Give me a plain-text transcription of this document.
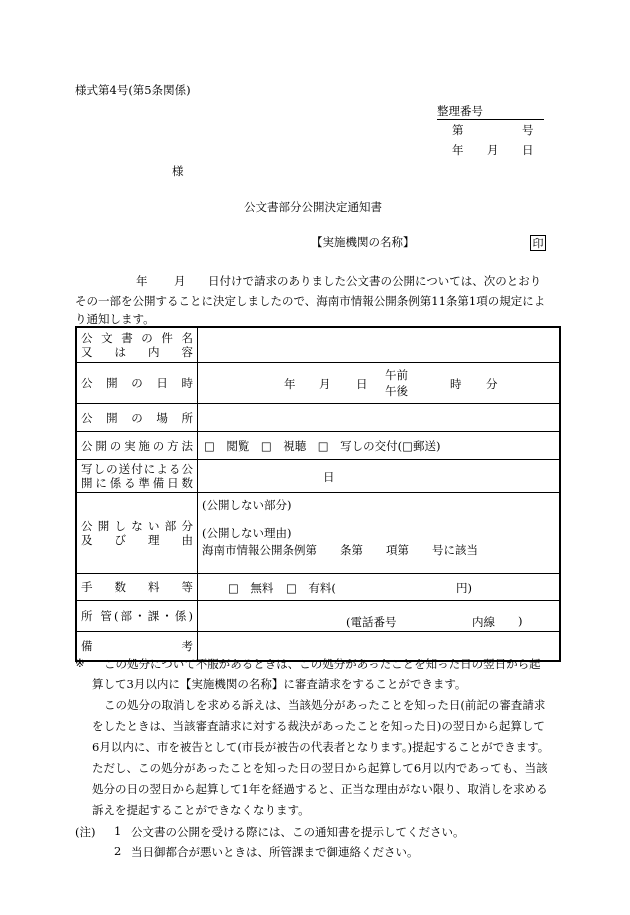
様式第4号(第5条関係)
整理番号
第	号
年 月 日
様
公文書部分公開決定通知書
【実施機関の名称】	印
年 月 日付けで請求のありました公文書の公開については、次のとおり
その一部を公開することに決定しましたので、海南市情報公開条例第11条第1項の規定によ
り通知します。
公 文 書 の 件 名
又 は 内 容
公 開 の 日 時	年 月 日
午前
午後	時 分
公 開 の 場 所
公開の実施の方法 □　閲覧　□　視聴　□　写しの交付(□郵送)
写しの送付による公
開に係る準備日数	日
公 開 し な い 部 分
及 び 理 由
(公開しない部分)
(公開しない理由)
海南市情報公開条例第　　条第　　項第　　号に該当
手 数 料 等	□　無料 □　有料(	円)
所 管(部・課・係)	(電話番号	内線 )
備 考
※ この処分について不服があるときは、この処分があったことを知った日の翌日から起
算して3月以内に【実施機関の名称】に審査請求をすることができます。
この処分の取消しを求める訴えは、当該処分があったことを知った日(前記の審査請求
をしたときは、当該審査請求に対する裁決があったことを知った日)の翌日から起算して
6月以内に、市を被告として(市長が被告の代表者となります。)提起することができます。
ただし、この処分があったことを知った日の翌日から起算して6月以内であっても、当該
処分の日の翌日から起算して1年を経過すると、正当な理由がない限り、取消しを求める
訴えを提起することができなくなります。
(注) 1 公文書の公開を受ける際には、この通知書を提示してください。
2 当日御都合が悪いときは、所管課まで御連絡ください。
